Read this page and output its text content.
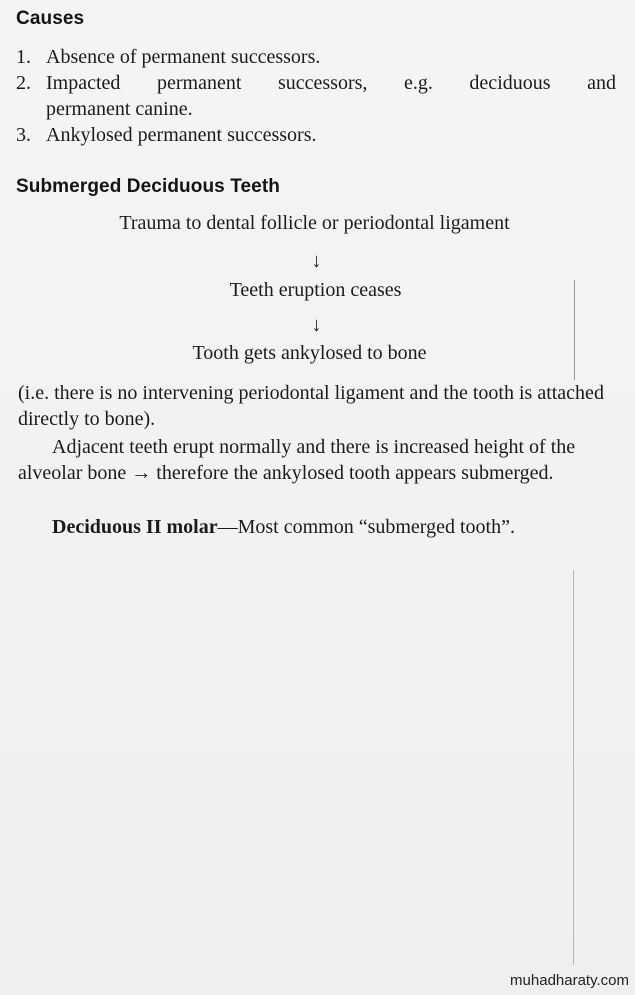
Causes
1. Absence of permanent successors.
2. Impacted permanent successors, e.g. deciduous and
permanent canine.
3. Ankylosed permanent successors.
Submerged Deciduous Teeth
Trauma to dental follicle or periodontal ligament
↓
Teeth eruption ceases
↓
Tooth gets ankylosed to bone

(i.e. there is no intervening periodontal ligament and the tooth is attached directly to bone).

Adjacent teeth erupt normally and there is increased height of the alveolar bone → therefore the ankylosed tooth appears submerged.

Deciduous II molar—Most common “submerged tooth”.

muhadharaty.com
